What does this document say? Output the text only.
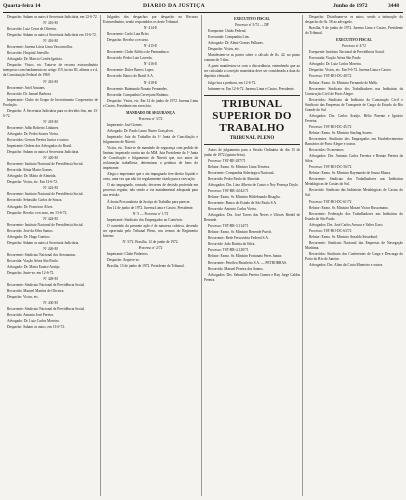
Quarta-feira 14	DIARIO DA JUSTIÇA	Junho de 1972	3448

Despacho: Subam os autos à Secretaria Judiciária, em 12-6-72.

Nº 416-M

Recorrido: Luiz Cesar de Oliveira.

Despacho: Subam os autos à Secretaria Judiciária em 13-6-72.

Nº 416-M

Recorrente: Jurema Lúcia Lima Vasconcellos.

Recorrido: Hospital Joinville.

Advogado: Dr. Marcio Corrêa Ignácio.

Despacho: Vistos, etc. Trata-se de recurso extraordinário interposto com fundamento no artigo 119, inciso III, alíneas a e d, da Constituição Federal de 1969.

Nº 416-M

Recorrente: Ariel Antunes.

Recorrido: Dr. Ismael Barbosa.

Impetrante: Clube do Grupo de Investimento Cooperativo de Produção.

Despacho: À Secretaria Judiciária para os devidos fins, em 13-6-72.

Nº 418-M

Recorrente: Adão Roberto Linhares.

Advogado: Dr. Pedro Soares Vieira.

Recorridos: Gerson Pereira Junior e outros.

Impetrante: Ordem dos Advogados do Brasil.

Despacho: Subam os autos à Secretaria Judiciária.

Nº 420-M

Recorrente: Instituto Nacional de Previdência Social.

Recorrida: Sônia Maria Gomes.

Advogado: Dr. Mário de Almeida.

Despacho: Vistos, etc. Em 12-6-72.

Nº 422-M

Recorrente: Instituto Nacional de Previdência Social.

Recorrido: Sebastião Carlos de Souza.

Advogado: Dr. Francisco Alves.

Despacho: Recebo o recurso, em 13-6-72.

Nº 424-M

Recorrente: Instituto Nacional de Previdência Social.

Recorrido: José da Silva Santos.

Advogado: Dr. Hugo Gueiros.

Despacho: Subam os autos à Secretaria Judiciária.

Nº 426-M

Recorrente: Sindicato Nacional dos Aeronautas.

Recorrida: Viação Aérea São Paulo.

Advogado: Dr. Maria Eunice Araújo.

Despacho: Junte-se, em 12-6-72.

Nº 428-M

Recorrente: Sindicato Nacional de Previdência Social.

Recorrido: Manoel Martins de Oliveira.

Despacho: Vistos, etc.

Nº 430-M

Recorrente: Sindicato Nacional de Previdência Social.

Recorrido: Antonio José Pereira.

Advogado: Dr. Luiz Carlos Moreira.

Despacho: Subam os autos, em 13-6-72.

Julgados dos despachos por despacho no Recurso Extraordinário, sendo respondidos os deste Tribunal.

Nº 414-E

Recorrente: Carlo Luiz Brito.

Despacho: Recebo o recurso.

Nº 415-E

Recorrente: Clube Atlético de Pernambuco.

Recorrido: Pedro Luiz Lacerda.

Nº 416-E

Recorrente: Dulce Barros Lopes.

Recorrido: Banco do Brasil S.A.

Nº 418-E

Recorrente: Raimundo Nonato Fernandes.

Recorrida: Companhia Cervejaria Brahma.

Despacho: Vistos, etc. Em 12 de junho de 1972. Jurema Lima e Castro, Presidente em exercício.

MANDADO DE SEGURANÇA

Processo nº 3/72

Impetrante: José Gomes.

Advogado: Dr. Paulo Lauro Nunes Gonçalves.

Impetrado: Juiz do Trabalho da 1ª Junta de Conciliação e Julgamento de Niterói.

Vistos, etc. Trata-se de mandado de segurança com pedido de liminar, impetrado contra ato do MM. Juiz Presidente da 1ª Junta de Conciliação e Julgamento de Niterói que, nos autos da reclamação trabalhista, determinou a penhora de bens do impetrante.

Alega o impetrante que o ato impugnado fere direito líquido e certo, uma vez que não foi regularmente citado para a execução.

O ato impugnado, contudo, decorreu de decisão proferida em processo regular, não sendo a via mandamental adequada para sua revisão.

À douta Procuradoria da Justiça do Trabalho para parecer.

Em 12 de junho de 1972. Jurema Lima e Castro, Presidente.

Nº 5 — Processo nº 1/72

Impetrante: Sindicato dos Empregados no Comércio.

O conteúdo da presente ação é de natureza coletiva, devendo ser apreciada pelo Tribunal Pleno, nos termos do Regimento Interno.

Nº 3/72. Brasília, 12 de junho de 1972.

Processo nº 2/72

Impetrante: Clube Pinheiros.

Despacho: Arquive-se.

Brasília, 13 de junho de 1972. Presidente do Tribunal.

EXECUTIVO FISCAL

Processo nº 3/72 — DF

Exequente: União Federal.

Executado: Companhia Lins.

Advogado: Dr. Almir Gomes Palhares.

Despacho: Vistos, etc.

Manifestem-se as partes sobre o cálculo de fls. 42, no prazo comum de 5 dias.

A parte manifestou-se com a discordância, entendendo que ao ser calculada a correção monetária deve ser considerada a data do depósito efetuado.

Julgo boa a penhora, em 12-6-72.

Intimem-se. Em 12-6-72. Jurema Lima e Castro, Presidente.

TRIBUNAL SUPERIOR DO TRABALHO
TRIBUNAL PLENO

Autos de julgamento para a Sessão Ordinária do dia 15 de junho de 1972 (quinta-feira).

Processo: TST-RE-287/71

Relator: Exmo. Sr. Ministro Lima Teixeira.

Recorrente: Companhia Siderúrgica Nacional.

Recorrido: Pedro Paulo de Almeida.

Advogados: Drs. Lino Alberto de Castro e Ney Proença Doyle.

Processo: TST-RR-4.042/71

Relator: Exmo. Sr. Ministro Hildebrando Bisaglia.

Recorrente: Banco do Estado de São Paulo S.A.

Recorrido: Antonio Carlos Vieira.

Advogados: Drs. José Torres das Neves e Ulisses Riedel de Resende.

Processo: TST-RR-3.114/71

Relator: Exmo. Sr. Ministro Rezende Puech.

Recorrente: Rede Ferroviária Federal S.A.

Recorrido: João Batista da Silva.

Processo: TST-RR-4.128/71

Relator: Exmo. Sr. Ministro Fortunato Peres Junior.

Recorrente: Petróleo Brasileiro S.A. — PETROBRAS.

Recorrido: Manoel Pereira dos Santos.

Advogados: Drs. Sebastião Pereira Gomes e Ruy Jorge Caldas Pereira.

Despacho: Distribuam-se os autos, sendo a intimação do despacho de fls. 58 ao advogado.

Brasília, 9 de junho de 1972. Jurema Lima e Castro, Presidente do Tribunal.

EXECUTIVO FISCAL

Processo nº 4/72

Exequente: Instituto Nacional de Previdência Social.

Executada: Viação Aérea São Paulo.

Advogado: Dr. Luiz Carlos Moreira.

Despacho: Vistos, etc. Em 9-6-72. Jurema Lima e Castro.

Processo: TST-RO-DC-40/72

Relator: Exmo. Sr. Ministro Fernando de Mello.

Recorrente: Sindicato dos Trabalhadores nas Indústrias da Construção Civil de Porto Alegre.

Recorridos: Sindicato da Indústria da Construção Civil e Sindicato das Empresas de Transporte de Carga do Estado do Rio Grande do Sul.

Advogados: Drs. Carlos Araújo, Hélio Parente e Ignácio Ferreira.

Processo: TST-RO-DC-45/72

Relator: Exmo. Sr. Ministro Starling Soares.

Recorrentes: Sindicato dos Empregados em Estabelecimentos Bancários de Porto Alegre e outros.

Recorridos: Os mesmos.

Advogados: Drs. Antonio Carlos Ferreira e Renato Pereira da Silva.

Processo: TST-RO-DC-56/72

Relator: Exmo. Sr. Ministro Raymundo de Souza Moura.

Recorrente: Sindicato dos Trabalhadores nas Indústrias Metalúrgicas de Caxias do Sul.

Recorrido: Sindicato das Indústrias Metalúrgicas de Caxias do Sul.

Processo: TST-RO-DC-61/72

Relator: Exmo. Sr. Ministro Mozart Victor Russomano.

Recorrente: Federação dos Trabalhadores nas Indústrias do Estado de São Paulo.

Advogados: Drs. José Carlos Arouca e Valter Uzzo.

Processo: TST-RO-DC-63/72

Relator: Exmo. Sr. Ministro Arnaldo Süssekind.

Recorrente: Sindicato Nacional das Empresas de Navegação Marítima.

Recorridos: Sindicato dos Conferentes de Carga e Descarga do Porto do Rio de Janeiro.

Advogados: Drs. Alino da Costa Monteiro e outros.
